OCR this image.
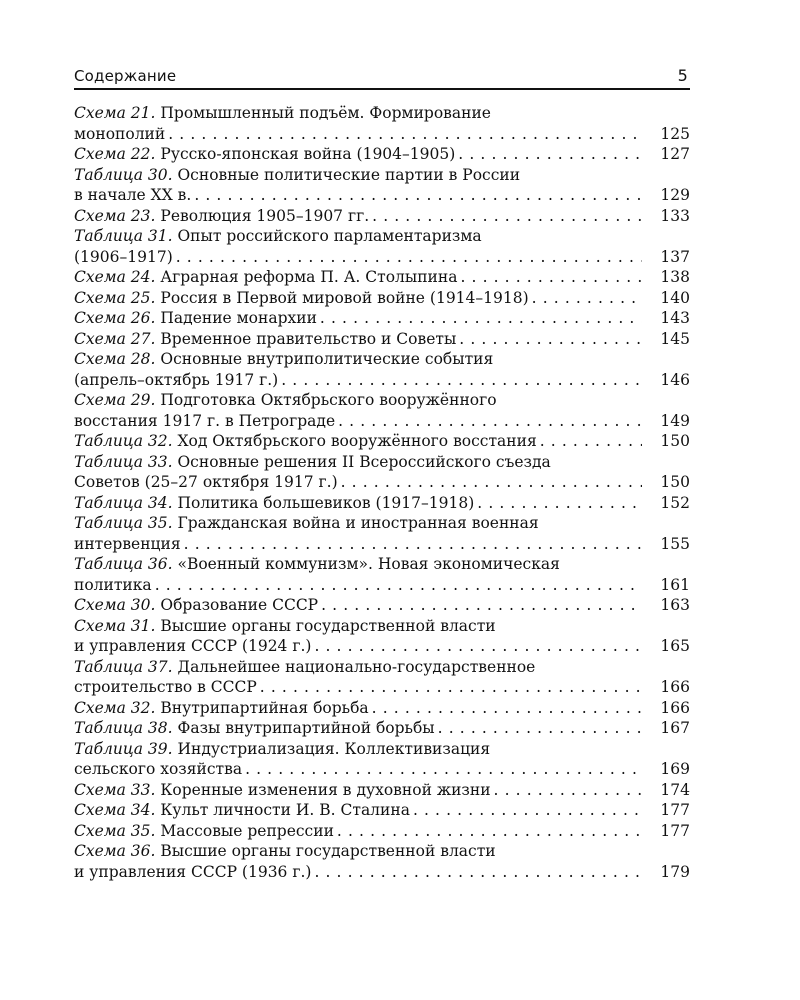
Содержание	5
Схема 21. Промышленный подъём. Формирование
монополий . . .	125
Схема 22. Русско-японская война (1904–1905) . . .	127
Таблица 30. Основные политические партии в России
в начале XX в. . . .	129
Схема 23. Революция 1905–1907 гг. . . .	133
Таблица 31. Опыт российского парламентаризма
(1906–1917) . . .	137
Схема 24. Аграрная реформа П. А. Столыпина . . .	138
Схема 25. Россия в Первой мировой войне (1914–1918) . . .	140
Схема 26. Падение монархии . . .	143
Схема 27. Временное правительство и Советы . . .	145
Схема 28. Основные внутриполитические события
(апрель–октябрь 1917 г.) . . .	146
Схема 29. Подготовка Октябрьского вооружённого
восстания 1917 г. в Петрограде . . .	149
Таблица 32. Ход Октябрьского вооружённого восстания . . .	150
Таблица 33. Основные решения II Всероссийского съезда
Советов (25–27 октября 1917 г.) . . .	150
Таблица 34. Политика большевиков (1917–1918) . . .	152
Таблица 35. Гражданская война и иностранная военная
интервенция . . .	155
Таблица 36. «Военный коммунизм». Новая экономическая
политика . . .	161
Схема 30. Образование СССР . . .	163
Схема 31. Высшие органы государственной власти
и управления СССР (1924 г.) . . .	165
Таблица 37. Дальнейшее национально-государственное
строительство в СССР . . .	166
Схема 32. Внутрипартийная борьба . . .	166
Таблица 38. Фазы внутрипартийной борьбы . . .	167
Таблица 39. Индустриализация. Коллективизация
сельского хозяйства . . .	169
Схема 33. Коренные изменения в духовной жизни . . .	174
Схема 34. Культ личности И. В. Сталина . . .	177
Схема 35. Массовые репрессии . . .	177
Схема 36. Высшие органы государственной власти
и управления СССР (1936 г.) . . .	179
